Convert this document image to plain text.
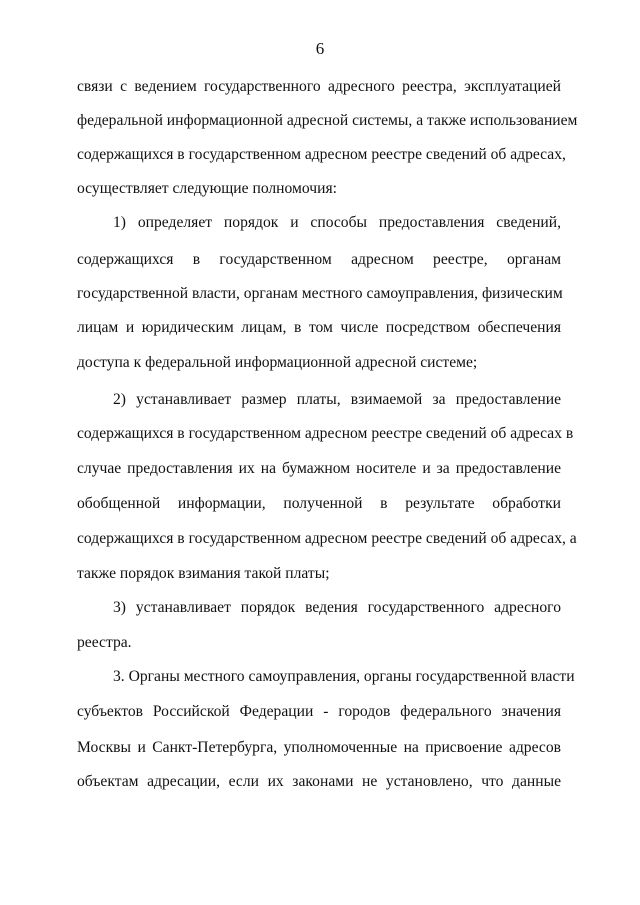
6
связи с ведением государственного адресного реестра, эксплуатацией
федеральной информационной адресной системы, а также использованием
содержащихся в государственном адресном реестре сведений об адресах,
осуществляет следующие полномочия:
1) определяет порядок и способы предоставления сведений,
содержащихся в государственном адресном реестре, органам
государственной власти, органам местного самоуправления, физическим
лицам и юридическим лицам, в том числе посредством обеспечения
доступа к федеральной информационной адресной системе;
2) устанавливает размер платы, взимаемой за предоставление
содержащихся в государственном адресном реестре сведений об адресах в
случае предоставления их на бумажном носителе и за предоставление
обобщенной информации, полученной в результате обработки
содержащихся в государственном адресном реестре сведений об адресах, а
также порядок взимания такой платы;
3) устанавливает порядок ведения государственного адресного
реестра.
3. Органы местного самоуправления, органы государственной власти
субъектов Российской Федерации - городов федерального значения
Москвы и Санкт-Петербурга, уполномоченные на присвоение адресов
объектам адресации, если их законами не установлено, что данные
